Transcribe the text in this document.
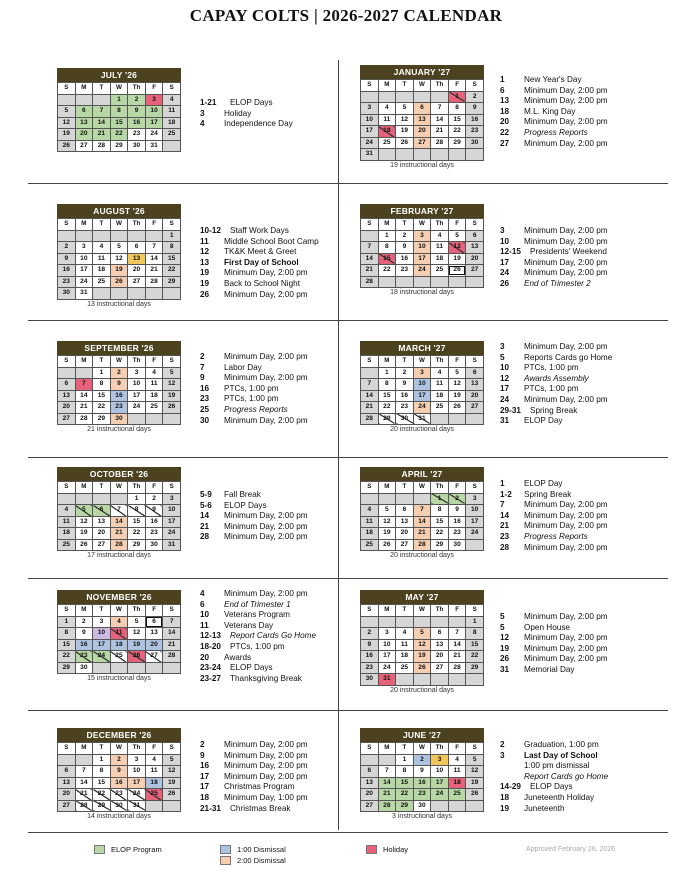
CAPAY COLTS | 2026-2027 CALENDAR
JULY '26
S	M	T	W	Th	F	S
			1	2	3	4
5	6	7	8	9	10	11
12	13	14	15	16	17	18
19	20	21	22	23	24	25
26	27	28	29	30	31	
1-21 ELOP Days
3 Holiday
4 Independence Day
AUGUST '26
S	M	T	W	Th	F	S
						1
2	3	4	5	6	7	8
9	10	11	12	13	14	15
16	17	18	19	20	21	22
23	24	25	26	27	28	29
30	31					
13 instructional days
10-12 Staff Work Days
11 Middle School Boot Camp
12 TK&K Meet & Greet
13 First Day of School
19 Minimum Day, 2:00 pm
19 Back to School Night
26 Minimum Day, 2:00 pm
SEPTEMBER '26
S	M	T	W	Th	F	S
		1	2	3	4	5
6	7	8	9	10	11	12
13	14	15	16	17	18	19
20	21	22	23	24	25	26
27	28	29	30			
21 instructional days
2 Minimum Day, 2:00 pm
7 Labor Day
9 Minimum Day, 2:00 pm
16 PTCs, 1:00 pm
23 PTCs, 1:00 pm
25 Progress Reports
30 Minimum Day, 2:00 pm
OCTOBER '26
S	M	T	W	Th	F	S
				1	2	3
4	5	6	7	8	9	10
11	12	13	14	15	16	17
18	19	20	21	22	23	24
25	26	27	28	29	30	31
17 instructional days
5-9 Fall Break
5-6 ELOP Days
14 Minimum Day, 2:00 pm
21 Minimum Day, 2:00 pm
28 Minimum Day, 2:00 pm
NOVEMBER '26
S	M	T	W	Th	F	S
1	2	3	4	5	6	7
8	9	10	11	12	13	14
15	16	17	18	19	20	21
22	23	24	25	26	27	28
29	30					
15 instructional days
4 Minimum Day, 2:00 pm
6 End of Trimester 1
10 Veterans Program
11 Veterans Day
12-13 Report Cards Go Home
18-20 PTCs, 1:00 pm
20 Awards
23-24 ELOP Days
23-27 Thanksgiving Break
DECEMBER '26
S	M	T	W	Th	F	S
		1	2	3	4	5
6	7	8	9	10	11	12
13	14	15	16	17	18	19
20	21	22	23	24	25	26
27	28	29	30	31		
14 instructional days
2 Minimum Day, 2:00 pm
9 Minimum Day, 2:00 pm
16 Minimum Day, 2:00 pm
17 Minimum Day, 2:00 pm
17 Christmas Program
18 Minimum Day, 1:00 pm
21-31 Christmas Break
JANUARY '27
S	M	T	W	Th	F	S
					1	2
3	4	5	6	7	8	9
10	11	12	13	14	15	16
17	18	19	20	21	22	23
24	25	26	27	28	29	30
31						
19 instructional days
1 New Year's Day
6 Minimum Day, 2:00 pm
13 Minimum Day, 2:00 pm
18 M.L. King Day
20 Minimum Day, 2:00 pm
22 Progress Reports
27 Minimum Day, 2:00 pm
FEBRUARY '27
S	M	T	W	Th	F	S
	1	2	3	4	5	6
7	8	9	10	11	12	13
14	15	16	17	18	19	20
21	22	23	24	25	26	27
28						
18 instructional days
3 Minimum Day, 2:00 pm
10 Minimum Day, 2:00 pm
12-15 Presidents' Weekend
17 Minimum Day, 2:00 pm
24 Minimum Day, 2:00 pm
26 End of Trimester 2
MARCH '27
S	M	T	W	Th	F	S
	1	2	3	4	5	6
7	8	9	10	11	12	13
14	15	16	17	18	19	20
21	22	23	24	25	26	27
28	29	30	31			
20 instructional days
3 Minimum Day, 2:00 pm
5 Reports Cards go Home
10 PTCs, 1:00 pm
12 Awards Assembly
17 PTCs, 1:00 pm
24 Minimum Day, 2:00 pm
29-31 Spring Break
31 ELOP Day
APRIL '27
S	M	T	W	Th	F	S
				1	2	3
4	5	6	7	8	9	10
11	12	13	14	15	16	17
18	19	20	21	22	23	24
25	26	27	28	29	30	
20 instructional days
1 ELOP Day
1-2 Spring Break
7 Minimum Day, 2:00 pm
14 Minimum Day, 2:00 pm
21 Minimum Day, 2:00 pm
23 Progress Reports
28 Minimum Day, 2:00 pm
MAY '27
S	M	T	W	Th	F	S
						1
2	3	4	5	6	7	8
9	10	11	12	13	14	15
16	17	18	19	20	21	22
23	24	25	26	27	28	29
30	31					
20 instructional days
5 Minimum Day, 2:00 pm
5 Open House
12 Minimum Day, 2:00 pm
19 Minimum Day, 2:00 pm
26 Minimum Day, 2:00 pm
31 Memorial Day
JUNE '27
S	M	T	W	Th	F	S
		1	2	3	4	5
6	7	8	9	10	11	12
13	14	15	16	17	18	19
20	21	22	23	24	25	26
27	28	29	30			
3 instructional days
2 Graduation, 1:00 pm
3 Last Day of School
1:00 pm dismissal
Report Cards go Home
14-29 ELOP Days
18 Juneteenth Holiday
19 Juneteenth
ELOP Program	1:00 Dismissal
2:00 Dismissal
Holiday	Approved February 26, 2026
